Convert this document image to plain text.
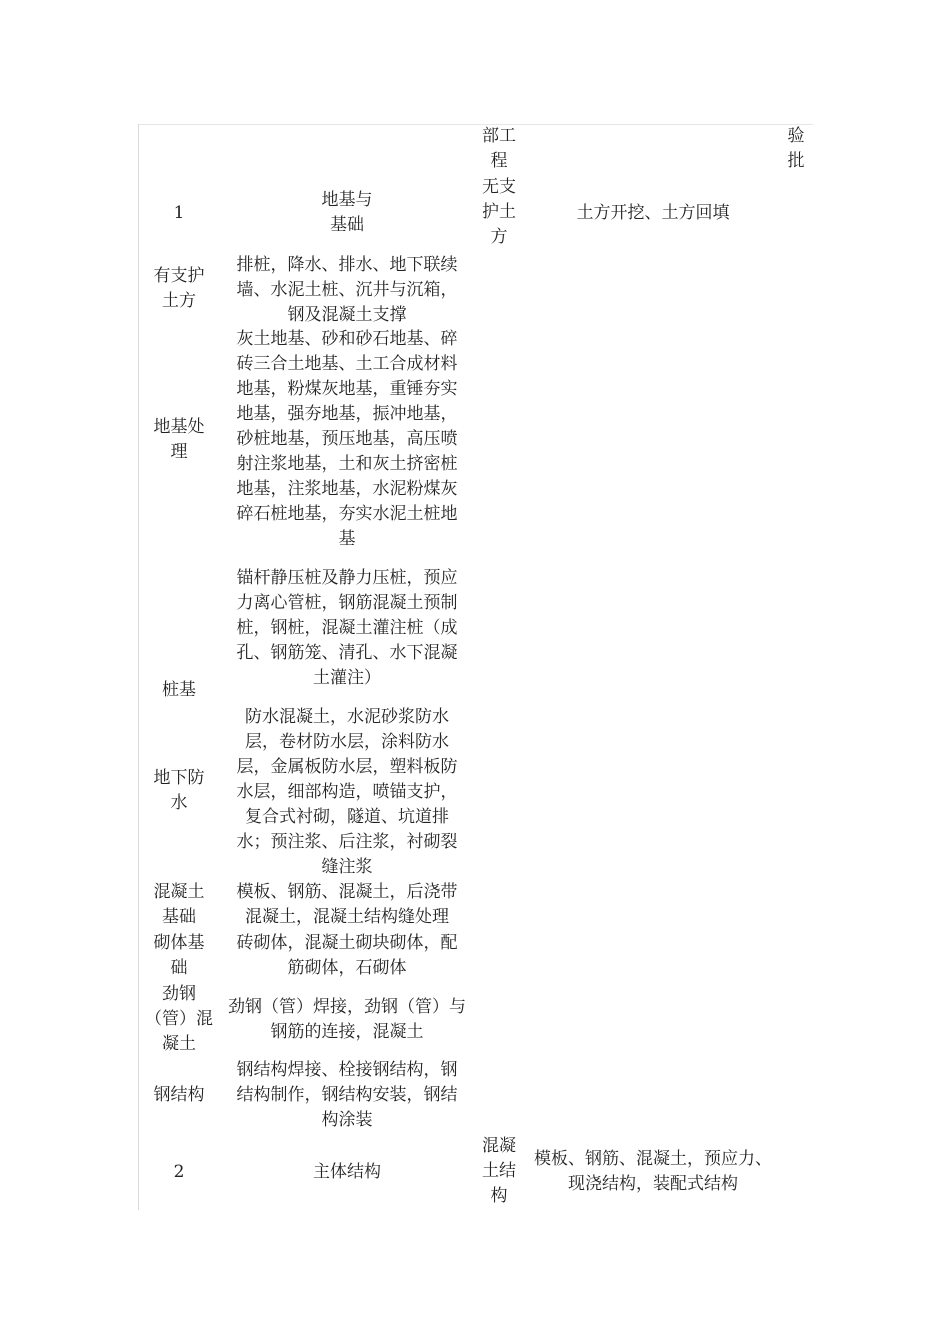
部工
程
验
批
1
地基与
基础
无支
护土
方
土方开挖、土方回填
有支护
土方
排桩，降水、排水、地下联续
墙、水泥土桩、沉井与沉箱，
钢及混凝土支撑
地基处
理
灰土地基、砂和砂石地基、碎
砖三合土地基、土工合成材料
地基，粉煤灰地基，重锤夯实
地基，强夯地基，振冲地基，
砂桩地基，预压地基，高压喷
射注浆地基，土和灰土挤密桩
地基，注浆地基，水泥粉煤灰
碎石桩地基，夯实水泥土桩地
基
桩基
锚杆静压桩及静力压桩，预应
力离心管桩，钢筋混凝土预制
桩，钢桩，混凝土灌注桩（成
孔、钢筋笼、清孔、水下混凝
土灌注）
地下防
水
防水混凝土，水泥砂浆防水
层，卷材防水层，涂料防水
层，金属板防水层，塑料板防
水层，细部构造，喷锚支护，
复合式衬砌，隧道、坑道排
水；预注浆、后注浆，衬砌裂
缝注浆
混凝土
基础
模板、钢筋、混凝土，后浇带
混凝土，混凝土结构缝处理
砌体基
础
砖砌体，混凝土砌块砌体，配
筋砌体，石砌体
劲钢
（管）混
凝土
劲钢（管）焊接，劲钢（管）与
钢筋的连接，混凝土
钢结构
钢结构焊接、栓接钢结构，钢
结构制作，钢结构安装，钢结
构涂装
2	主体结构
混凝
土结
构
模板、钢筋、混凝土，预应力、
现浇结构，装配式结构
